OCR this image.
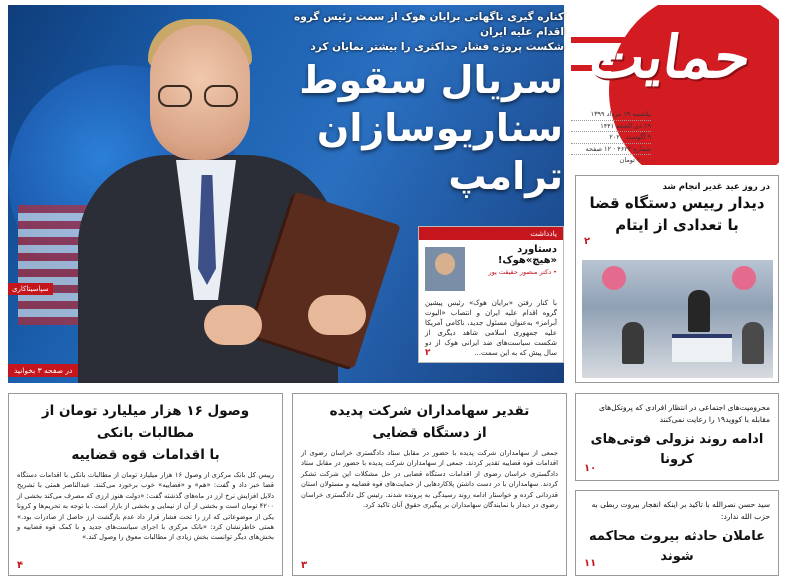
کناره گیری ناگهانی برایان هوک از سمت رئیس گروه اقدام علیه ایران
شکست پروژه فشار حداکثری را بیشتر نمایان کرد
سریال سقوط
سناریوسازان ترامپ
در صفحه ۳ بخوانید
سپاسیتاکاری
یادداشت
دستاورد «هیچ»هوک!
• دکتر منصور حقیقت پور
با کنار رفتن «برایان هوک» رئیس پیشین گروه اقدام علیه ایران و انتصاب «الیوت آبرامز» به‌عنوان مسئول جدید، ناکامی آمریکا علیه جمهوری اسلامی شاهد دیگری از شکست سیاست‌های ضد ایرانی هوک از دو سال پیش که به این سمت...
۲
حمایت
یکشنبه ۱۹ مرداد ۱۳۹۹
۱۹ ذی الحجه ۱۴۴۱
۹ آگوست ۲۰۲۰
شماره ۴۶۲۲ · ۱۲ صفحه
۱۰۰۰ تومان
در روز عید غدیر انجام شد
دیدار رییس دستگاه قضا
با تعدادی از ایتام
۲
محرومیت‌های اجتماعی در انتظار افرادی که پروتکل‌های مقابله با کووید۱۹ را رعایت نمی‌کنند
ادامه روند نزولی فوتی‌های کرونا
۱۰
سید حسن نصرالله با تاکید بر اینکه انفجار بیروت ربطی به حزب الله ندارد:
عاملان حادثه بیروت محاکمه شوند
۱۱
وصول ۱۶ هزار میلیارد تومان از مطالبات بانکی
با اقدامات قوه قضاییه
رییس کل بانک مرکزی از وصول ۱۶ هزار میلیارد تومان از مطالبات بانکی با اقدامات دستگاه قضا خبر داد و گفت: «هم» و «قضاییه» خوب برخورد می‌کنند. عبدالناصر همتی با تشریح دلایل افزایش نرخ ارز در ماه‌های گذشته گفت: «دولت هنوز ارزی که مصرف می‌کند بخشی از ۴۲۰۰ تومان است و بخشی از آن از نیمایی و بخشی از بازار است. با توجه به تحریم‌ها و کرونا یکی از موضوعاتی که ارز را تحت فشار قرار داد عدم بازگشت ارز حاصل از صادرات بود.» همتی خاطرنشان کرد: «بانک مرکزی با اجرای سیاست‌های جدید و با کمک قوه قضاییه و بخش‌های دیگر توانست بخش زیادی از مطالبات معوق را وصول کند.»
۴
تقدیر سهامداران شرکت پدیده
از دستگاه قضایی
جمعی از سهامداران شرکت پدیده با حضور در مقابل ستاد دادگستری خراسان رضوی از اقدامات قوه قضاییه تقدیر کردند. جمعی از سهامداران شرکت پدیده با حضور در مقابل ستاد دادگستری خراسان رضوی از اقدامات دستگاه قضایی در حل مشکلات این شرکت تشکر کردند. سهامداران با در دست داشتن پلاکاردهایی از حمایت‌های قوه قضاییه و مسئولان استان قدردانی کرده و خواستار ادامه روند رسیدگی به پرونده شدند. رئیس کل دادگستری خراسان رضوی در دیدار با نمایندگان سهامداران بر پیگیری حقوق آنان تاکید کرد.
۳
